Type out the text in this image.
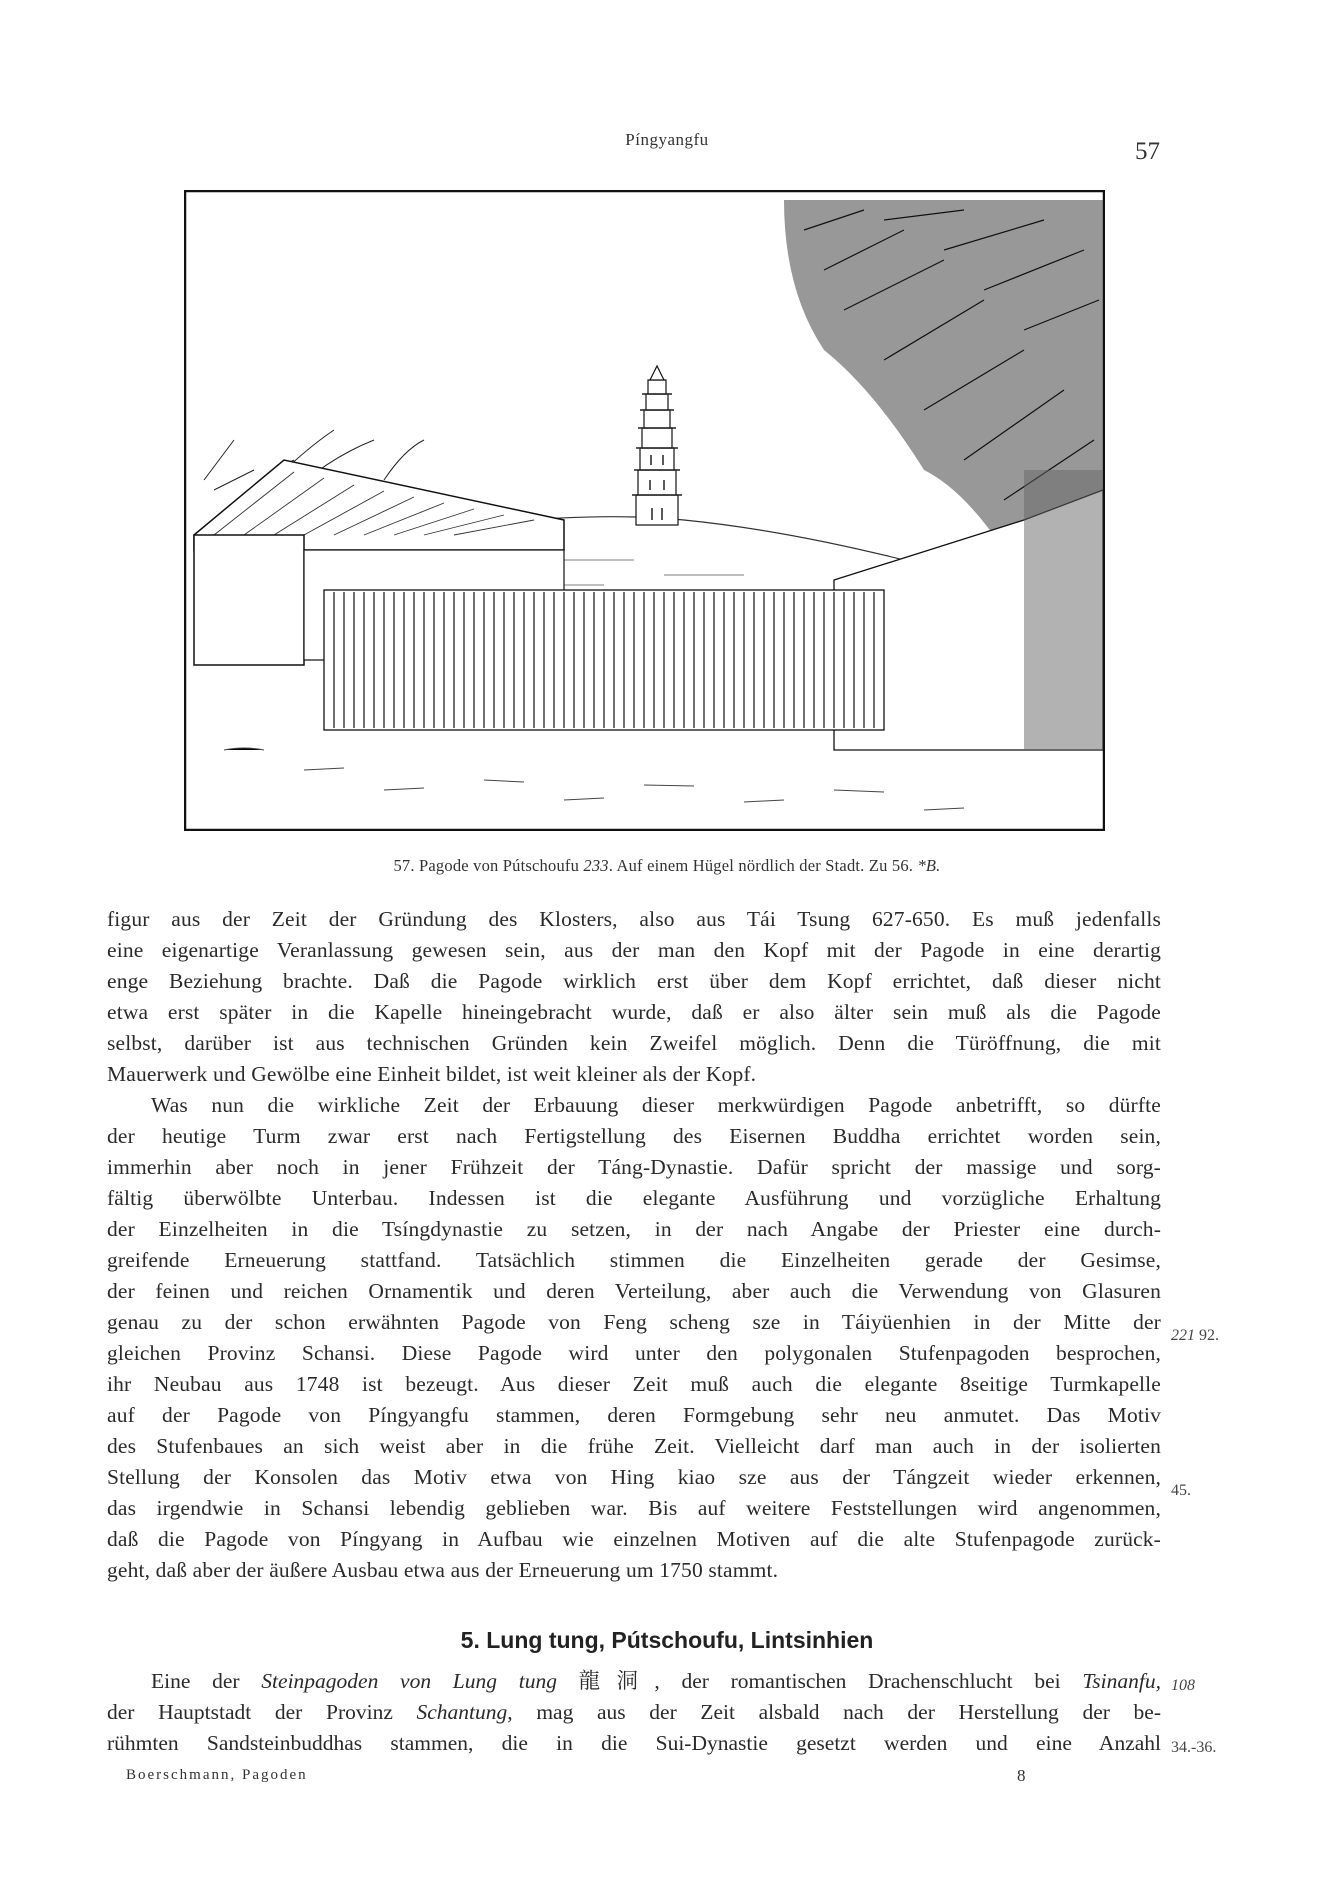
Píngyangfu	57
57. Pagode von Pútschoufu 233. Auf einem Hügel nördlich der Stadt. Zu 56. *B.
figur aus der Zeit der Gründung des Klosters, also aus Tái Tsung 627-650. Es muß jedenfalls
eine eigenartige Veranlassung gewesen sein, aus der man den Kopf mit der Pagode in eine derartig
enge Beziehung brachte. Daß die Pagode wirklich erst über dem Kopf errichtet, daß dieser nicht
etwa erst später in die Kapelle hineingebracht wurde, daß er also älter sein muß als die Pagode
selbst, darüber ist aus technischen Gründen kein Zweifel möglich. Denn die Türöffnung, die mit
Mauerwerk und Gewölbe eine Einheit bildet, ist weit kleiner als der Kopf.
Was nun die wirkliche Zeit der Erbauung dieser merkwürdigen Pagode anbetrifft, so dürfte
der heutige Turm zwar erst nach Fertigstellung des Eisernen Buddha errichtet worden sein,
immerhin aber noch in jener Frühzeit der Táng-Dynastie. Dafür spricht der massige und sorg-
fältig überwölbte Unterbau. Indessen ist die elegante Ausführung und vorzügliche Erhaltung
der Einzelheiten in die Tsíngdynastie zu setzen, in der nach Angabe der Priester eine durch-
greifende Erneuerung stattfand. Tatsächlich stimmen die Einzelheiten gerade der Gesimse,
der feinen und reichen Ornamentik und deren Verteilung, aber auch die Verwendung von Glasuren
genau zu der schon erwähnten Pagode von Feng scheng sze in Táiyüenhien in der Mitte der
gleichen Provinz Schansi. Diese Pagode wird unter den polygonalen Stufenpagoden besprochen,
ihr Neubau aus 1748 ist bezeugt. Aus dieser Zeit muß auch die elegante 8seitige Turmkapelle
auf der Pagode von Píngyangfu stammen, deren Formgebung sehr neu anmutet. Das Motiv
des Stufenbaues an sich weist aber in die frühe Zeit. Vielleicht darf man auch in der isolierten
Stellung der Konsolen das Motiv etwa von Hing kiao sze aus der Tángzeit wieder erkennen,
das irgendwie in Schansi lebendig geblieben war. Bis auf weitere Feststellungen wird angenommen,
daß die Pagode von Píngyang in Aufbau wie einzelnen Motiven auf die alte Stufenpagode zurück-
geht, daß aber der äußere Ausbau etwa aus der Erneuerung um 1750 stammt.
221 92.
45.
108
34.-36.
5. Lung tung, Pútschoufu, Lintsinhien
Eine der Steinpagoden von Lung tung 龍洞, der romantischen Drachenschlucht bei Tsinanfu,
der Hauptstadt der Provinz Schantung, mag aus der Zeit alsbald nach der Herstellung der be-
rühmten Sandsteinbuddhas stammen, die in die Sui-Dynastie gesetzt werden und eine Anzahl
Boerschmann, Pagoden	8
